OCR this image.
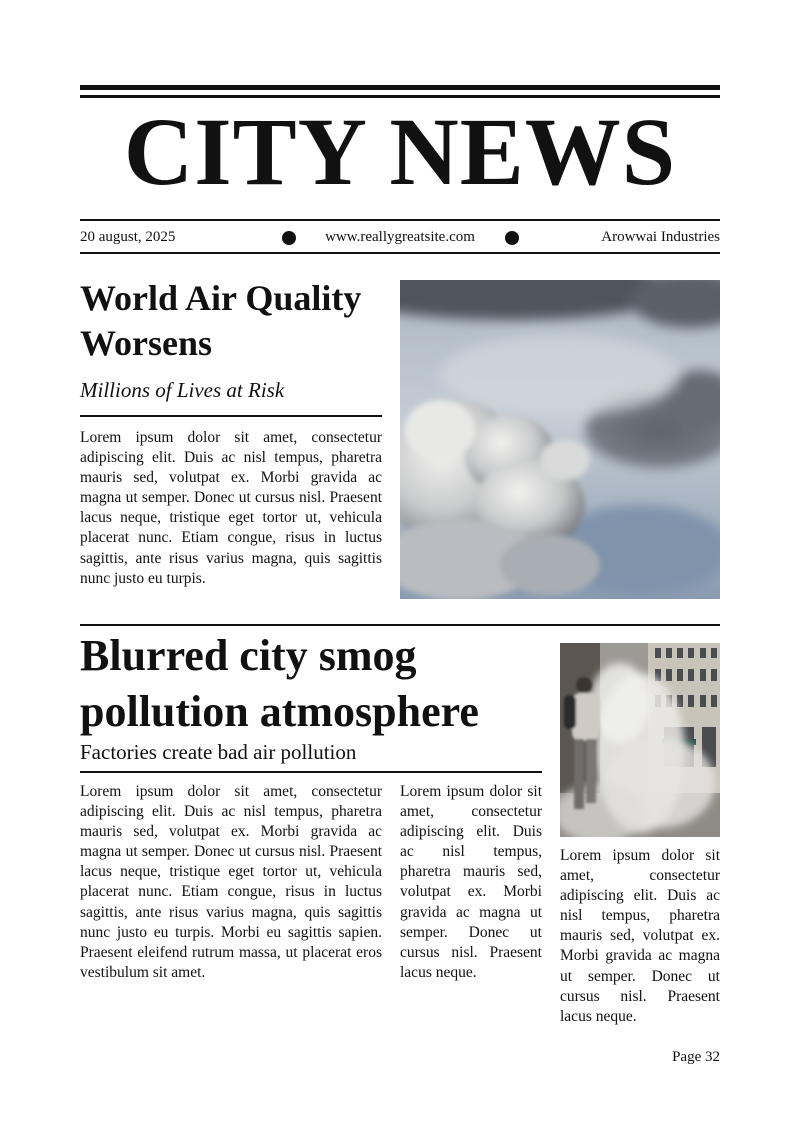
CITY NEWS
20 august, 2025	www.reallygreatsite.com	Arowwai Industries
World Air Quality Worsens
Millions of Lives at Risk

Lorem ipsum dolor sit amet, consectetur adipiscing elit. Duis ac nisl tempus, pharetra mauris sed, volutpat ex. Morbi gravida ac magna ut semper. Donec ut cursus nisl. Praesent lacus neque, tristique eget tortor ut, vehicula placerat nunc. Etiam congue, risus in luctus sagittis, ante risus varius magna, quis sagittis nunc justo eu turpis.

Blurred city smog
pollution atmosphere
Factories create bad air pollution

Lorem ipsum dolor sit amet, consectetur adipiscing elit. Duis ac nisl tempus, pharetra mauris sed, volutpat ex. Morbi gravida ac magna ut semper. Donec ut cursus nisl. Praesent lacus neque, tristique eget tortor ut, vehicula placerat nunc. Etiam congue, risus in luctus sagittis, ante risus varius magna, quis sagittis nunc justo eu turpis. Morbi eu sagittis sapien. Praesent eleifend rutrum massa, ut placerat eros vestibulum sit amet.

Lorem ipsum dolor sit amet, consectetur adipiscing elit. Duis ac nisl tempus, pharetra mauris sed, volutpat ex. Morbi gravida ac magna ut semper. Donec ut cursus nisl. Praesent lacus neque.

Lorem ipsum dolor sit amet, consectetur adipiscing elit. Duis ac nisl tempus, pharetra mauris sed, volutpat ex. Morbi gravida ac magna ut semper. Donec ut cursus nisl. Praesent lacus neque.

Page 32
